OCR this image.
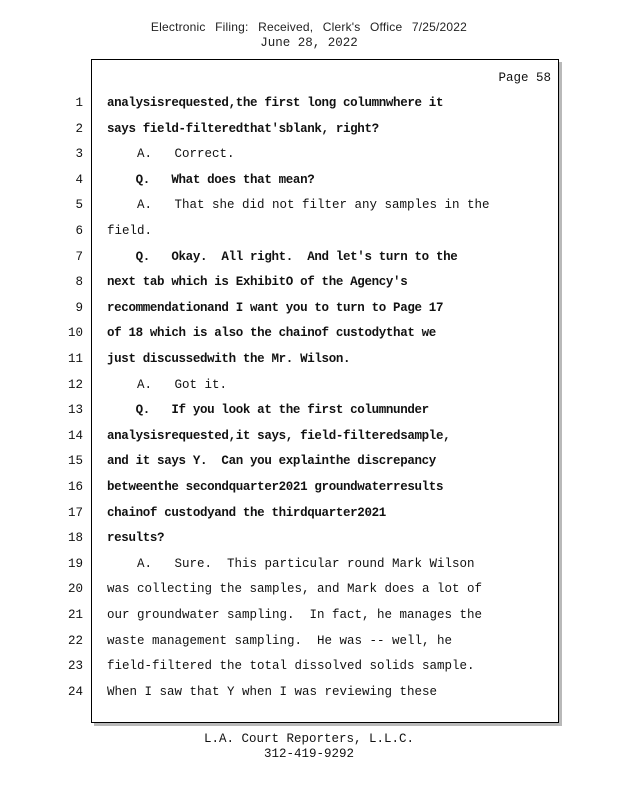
Electronic Filing: Received, Clerk's Office 7/25/2022
June 28, 2022
Page 58
1 analysisrequested,the first long columnwhere it
2 says field-filteredthat'sblank, right?
3 A.   Correct.
4 Q.   What does that mean?
5 A.   That she did not filter any samples in the
6 field.
7 Q.   Okay.  All right.  And let's turn to the
8 next tab which is ExhibitO of the Agency's
9 recommendationand I want you to turn to Page 17
10 of 18 which is also the chainof custodythat we
11 just discussedwith the Mr. Wilson.
12 A.   Got it.
13 Q.   If you look at the first columnunder
14 analysisrequested,it says, field-filteredsample,
15 and it says Y.  Can you explainthe discrepancy
16 betweenthe secondquarter2021 groundwaterresults
17 chainof custodyand the thirdquarter2021
18 results?
19 A.   Sure.  This particular round Mark Wilson
20 was collecting the samples, and Mark does a lot of
21 our groundwater sampling.  In fact, he manages the
22 waste management sampling.  He was -- well, he
23 field-filtered the total dissolved solids sample.
24 When I saw that Y when I was reviewing these
L.A. Court Reporters, L.L.C.
312-419-9292
